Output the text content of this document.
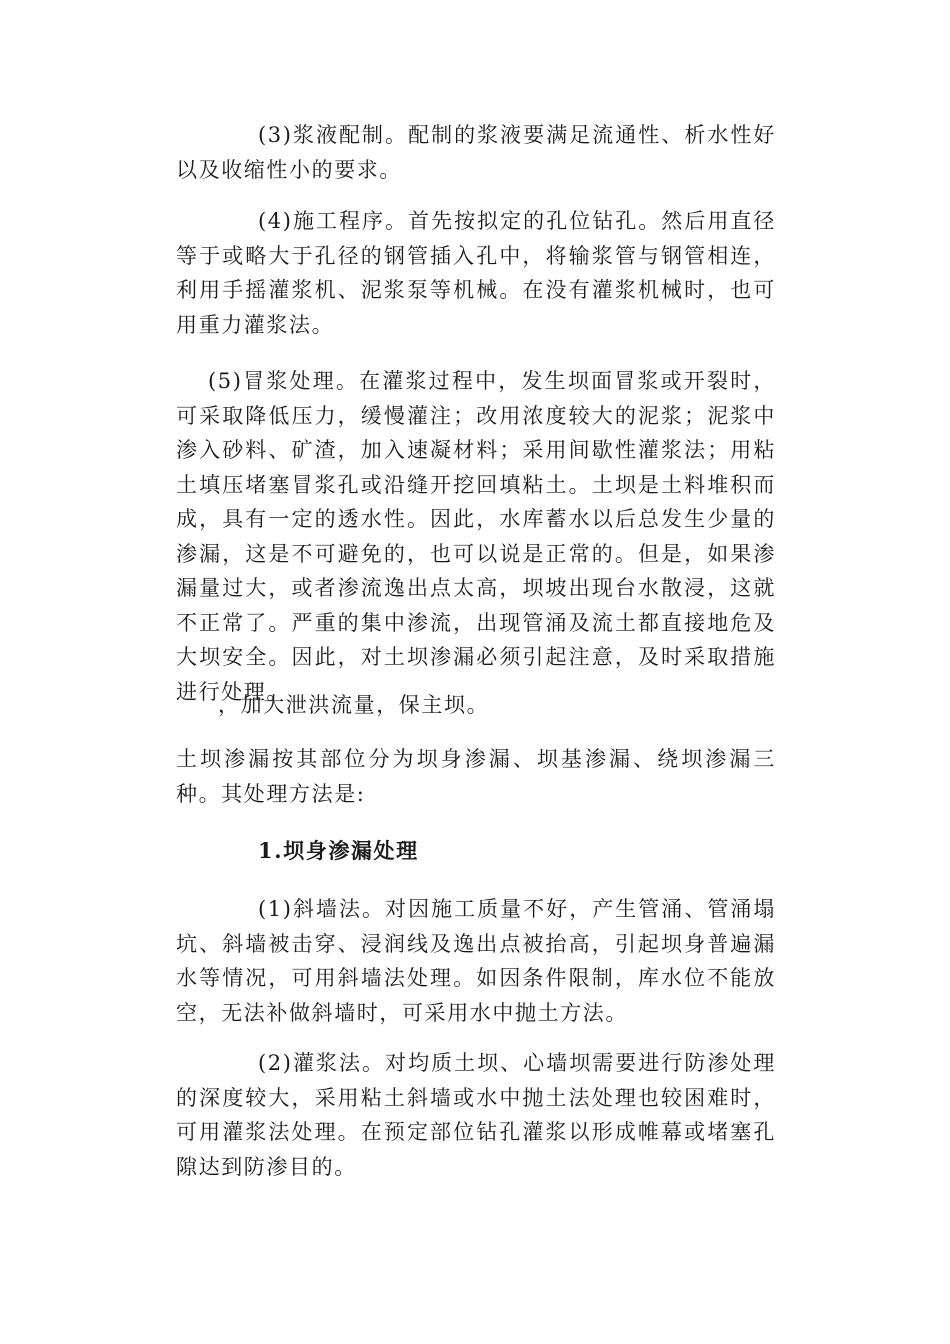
(3)浆液配制。配制的浆液要满足流通性、析水性好以及收缩性小的要求。

(4)施工程序。首先按拟定的孔位钻孔。然后用直径等于或略大于孔径的钢管插入孔中，将输浆管与钢管相连，利用手摇灌浆机、泥浆泵等机械。在没有灌浆机械时，也可用重力灌浆法。

(5)冒浆处理。在灌浆过程中，发生坝面冒浆或开裂时，可采取降低压力，缓慢灌注；改用浓度较大的泥浆；泥浆中渗入砂料、矿渣，加入速凝材料；采用间歇性灌浆法；用粘土填压堵塞冒浆孔或沿缝开挖回填粘土。土坝是土料堆积而成，具有一定的透水性。因此，水库蓄水以后总发生少量的渗漏，这是不可避免的，也可以说是正常的。但是，如果渗漏量过大，或者渗流逸出点太高，坝坡出现台水散浸，这就不正常了。严重的集中渗流，出现管涌及流土都直接地危及大坝安全。因此，对土坝渗漏必须引起注意，及时采取措施进行处理。

，加大泄洪流量，保主坝。

土坝渗漏按其部位分为坝身渗漏、坝基渗漏、绕坝渗漏三种。其处理方法是:

1.坝身渗漏处理

(1)斜墙法。对因施工质量不好，产生管涌、管涌塌坑、斜墙被击穿、浸润线及逸出点被抬高，引起坝身普遍漏水等情况，可用斜墙法处理。如因条件限制，库水位不能放空，无法补做斜墙时，可采用水中抛土方法。

(2)灌浆法。对均质土坝、心墙坝需要进行防渗处理的深度较大，采用粘土斜墙或水中抛土法处理也较困难时，可用灌浆法处理。在预定部位钻孔灌浆以形成帷幕或堵塞孔隙达到防渗目的。
